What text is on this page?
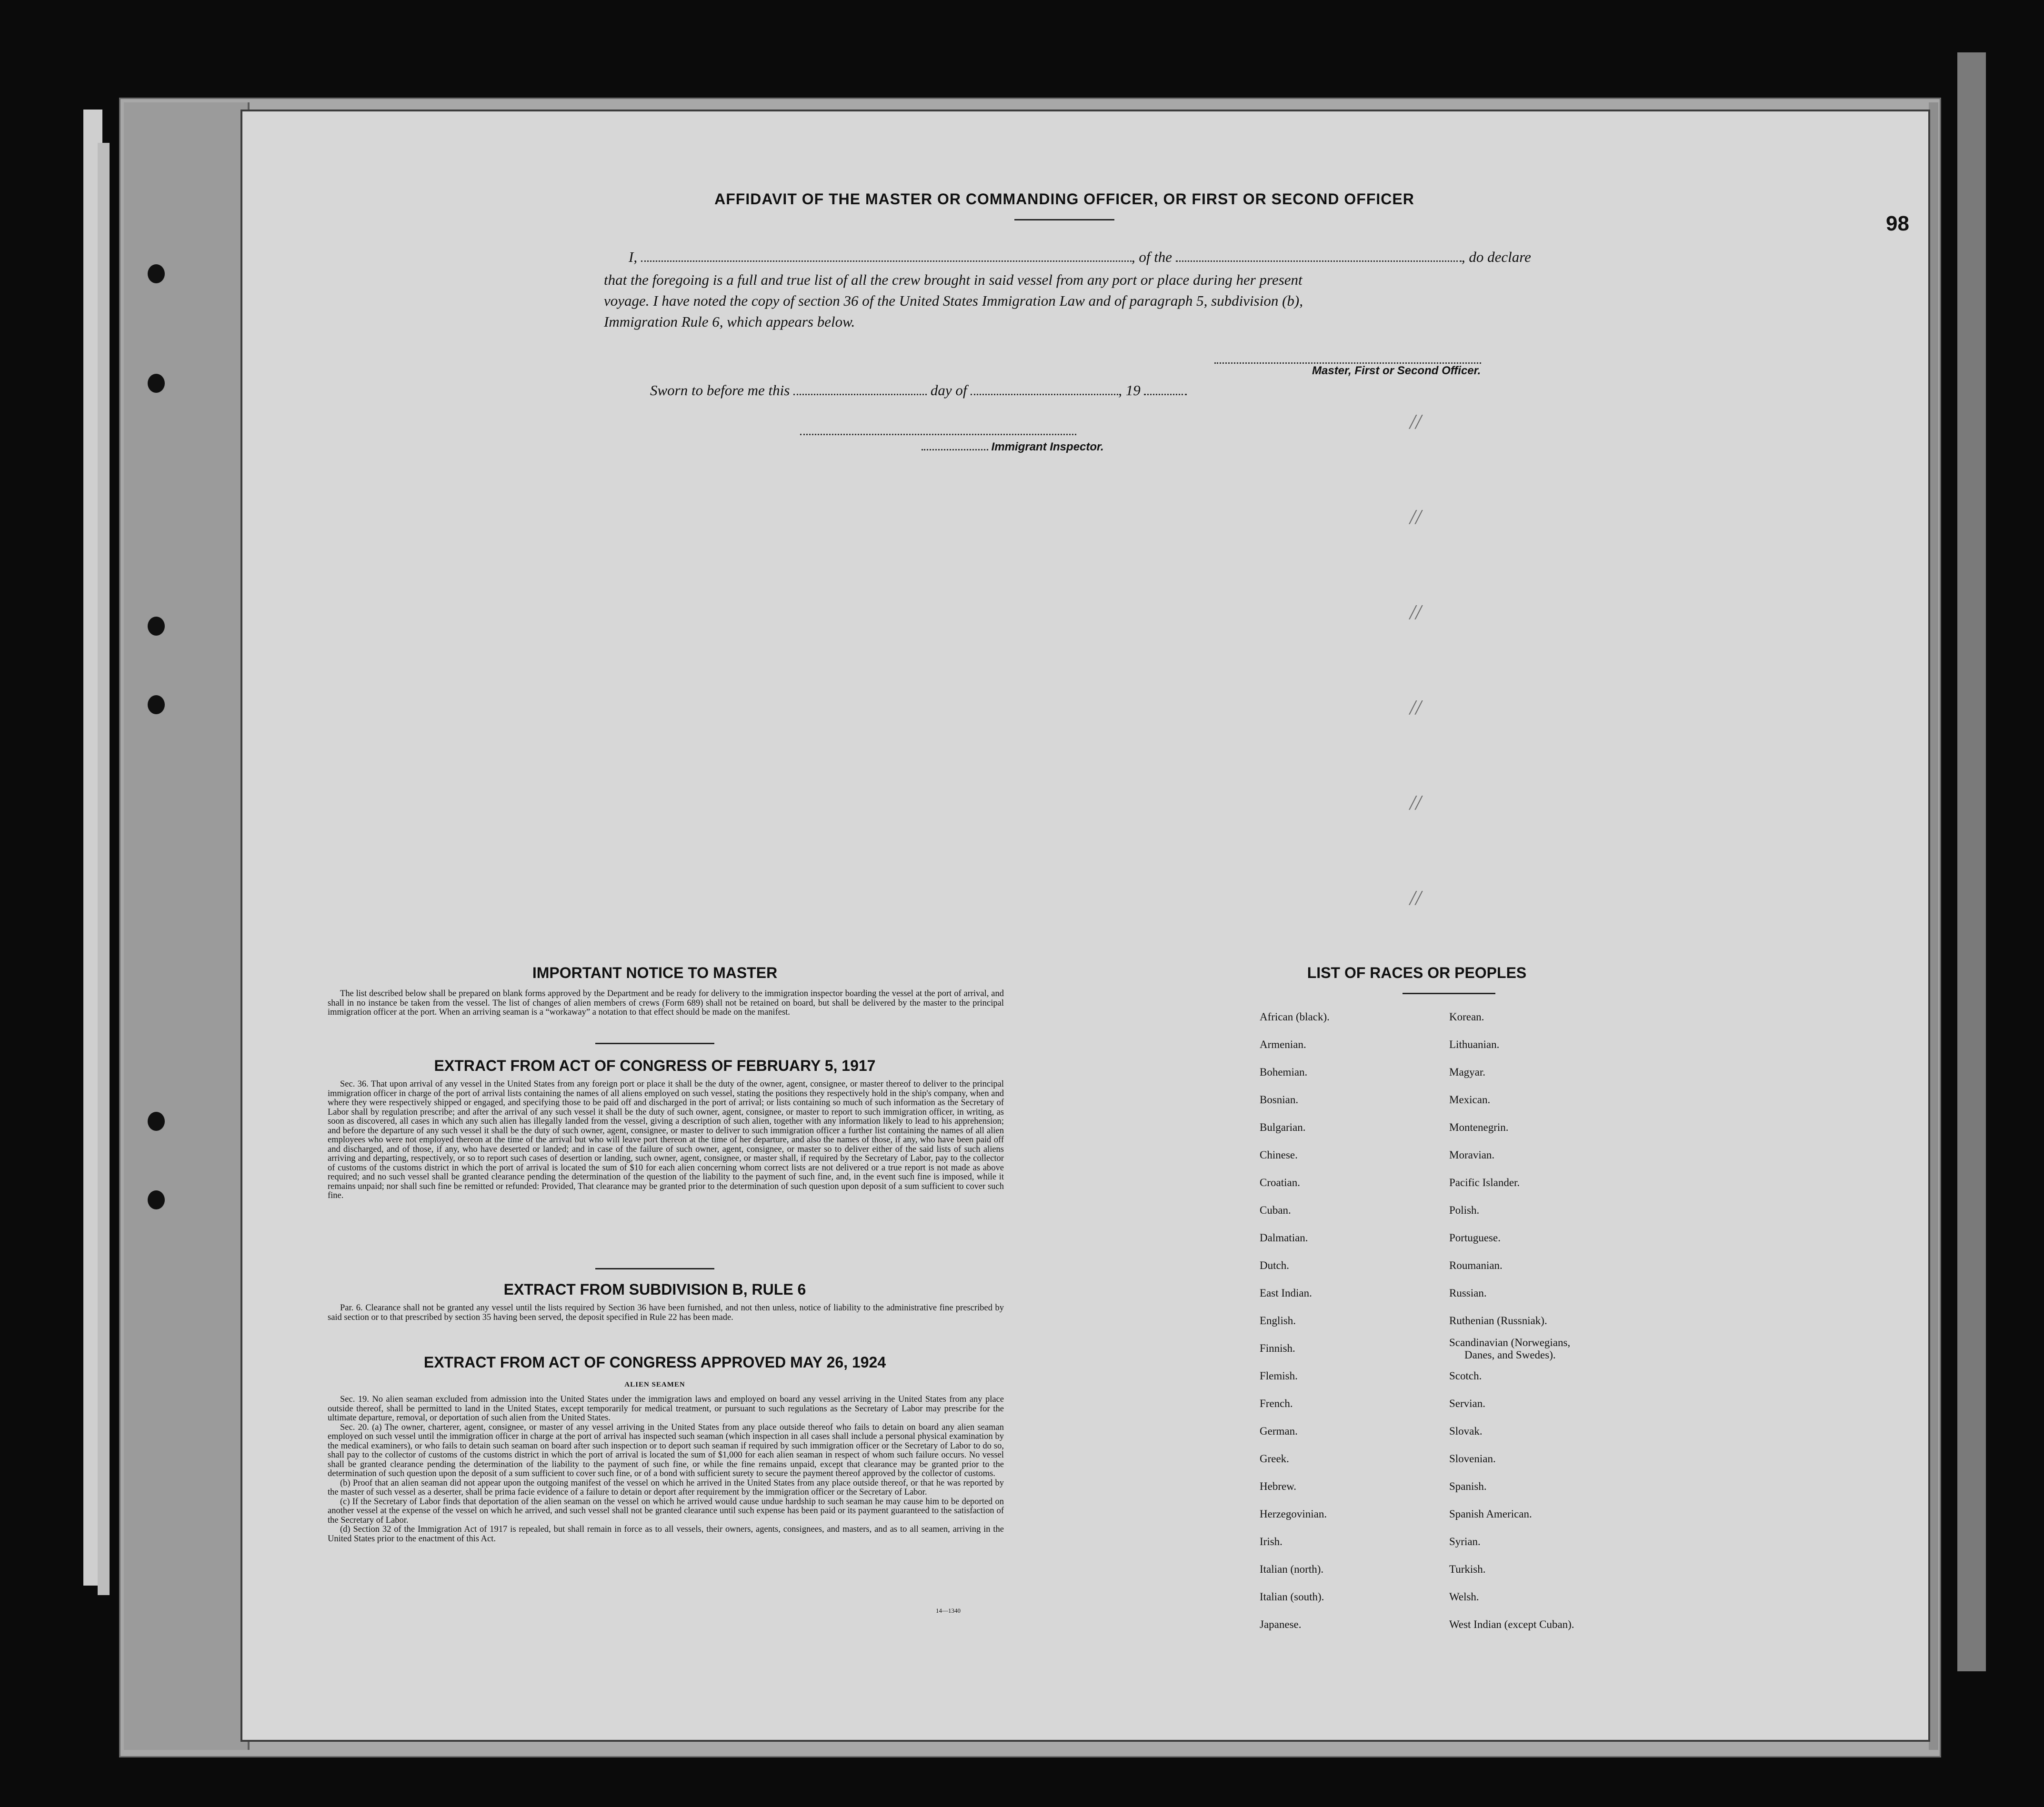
98
AFFIDAVIT OF THE MASTER OR COMMANDING OFFICER, OR FIRST OR SECOND OFFICER
I,	, of the	, do declare
that the foregoing is a full and true list of all the crew brought in said vessel from any port or place during her present
voyage. I have noted the copy of section 36 of the United States Immigration Law and of paragraph 5, subdivision (b),
Immigration Rule 6, which appears below.
Master, First or Second Officer.
Sworn to before me this	day of	, 19
Immigrant Inspector.
//
//
//
//
//
//
IMPORTANT NOTICE TO MASTER

The list described below shall be prepared on blank forms approved by the Department and be ready for delivery to the immigration inspector boarding the vessel at the port of arrival, and shall in no instance be taken from the vessel. The list of changes of alien members of crews (Form 689) shall not be retained on board, but shall be delivered by the master to the principal immigration officer at the port. When an arriving seaman is a “workaway” a notation to that effect should be made on the manifest.

EXTRACT FROM ACT OF CONGRESS OF FEBRUARY 5, 1917

Sec. 36. That upon arrival of any vessel in the United States from any foreign port or place it shall be the duty of the owner, agent, consignee, or master thereof to deliver to the principal immigration officer in charge of the port of arrival lists containing the names of all aliens employed on such vessel, stating the positions they respectively hold in the ship's company, when and where they were respectively shipped or engaged, and specifying those to be paid off and discharged in the port of arrival; or lists containing so much of such information as the Secretary of Labor shall by regulation prescribe; and after the arrival of any such vessel it shall be the duty of such owner, agent, consignee, or master to report to such immigration officer, in writing, as soon as discovered, all cases in which any such alien has illegally landed from the vessel, giving a description of such alien, together with any information likely to lead to his apprehension; and before the departure of any such vessel it shall be the duty of such owner, agent, consignee, or master to deliver to such immigration officer a further list containing the names of all alien employees who were not employed thereon at the time of the arrival but who will leave port thereon at the time of her departure, and also the names of those, if any, who have been paid off and discharged, and of those, if any, who have deserted or landed; and in case of the failure of such owner, agent, consignee, or master so to deliver either of the said lists of such aliens arriving and departing, respectively, or so to report such cases of desertion or landing, such owner, agent, consignee, or master shall, if required by the Secretary of Labor, pay to the collector of customs of the customs district in which the port of arrival is located the sum of $10 for each alien concerning whom correct lists are not delivered or a true report is not made as above required; and no such vessel shall be granted clearance pending the determination of the question of the liability to the payment of such fine, and, in the event such fine is imposed, while it remains unpaid; nor shall such fine be remitted or refunded: Provided, That clearance may be granted prior to the determination of such question upon deposit of a sum sufficient to cover such fine.

EXTRACT FROM SUBDIVISION B, RULE 6

Par. 6. Clearance shall not be granted any vessel until the lists required by Section 36 have been furnished, and not then unless, notice of liability to the administrative fine prescribed by said section or to that prescribed by section 35 having been served, the deposit specified in Rule 22 has been made.

EXTRACT FROM ACT OF CONGRESS APPROVED MAY 26, 1924
ALIEN SEAMEN

Sec. 19. No alien seaman excluded from admission into the United States under the immigration laws and employed on board any vessel arriving in the United States from any place outside thereof, shall be permitted to land in the United States, except temporarily for medical treatment, or pursuant to such regulations as the Secretary of Labor may prescribe for the ultimate departure, removal, or deportation of such alien from the United States.

Sec. 20. (a) The owner, charterer, agent, consignee, or master of any vessel arriving in the United States from any place outside thereof who fails to detain on board any alien seaman employed on such vessel until the immigration officer in charge at the port of arrival has inspected such seaman (which inspection in all cases shall include a personal physical examination by the medical examiners), or who fails to detain such seaman on board after such inspection or to deport such seaman if required by such immigration officer or the Secretary of Labor to do so, shall pay to the collector of customs of the customs district in which the port of arrival is located the sum of $1,000 for each alien seaman in respect of whom such failure occurs. No vessel shall be granted clearance pending the determination of the liability to the payment of such fine, or while the fine remains unpaid, except that clearance may be granted prior to the determination of such question upon the deposit of a sum sufficient to cover such fine, or of a bond with sufficient surety to secure the payment thereof approved by the collector of customs.

(b) Proof that an alien seaman did not appear upon the outgoing manifest of the vessel on which he arrived in the United States from any place outside thereof, or that he was reported by the master of such vessel as a deserter, shall be prima facie evidence of a failure to detain or deport after requirement by the immigration officer or the Secretary of Labor.

(c) If the Secretary of Labor finds that deportation of the alien seaman on the vessel on which he arrived would cause undue hardship to such seaman he may cause him to be deported on another vessel at the expense of the vessel on which he arrived, and such vessel shall not be granted clearance until such expense has been paid or its payment guaranteed to the satisfaction of the Secretary of Labor.

(d) Section 32 of the Immigration Act of 1917 is repealed, but shall remain in force as to all vessels, their owners, agents, consignees, and masters, and as to all seamen, arriving in the United States prior to the enactment of this Act.

14—1340
LIST OF RACES OR PEOPLES
African (black).
Armenian.
Bohemian.
Bosnian.
Bulgarian.
Chinese.
Croatian.
Cuban.
Dalmatian.
Dutch.
East Indian.
English.
Finnish.
Flemish.
French.
German.
Greek.
Hebrew.
Herzegovinian.
Irish.
Italian (north).
Italian (south).
Japanese.
Korean.
Lithuanian.
Magyar.
Mexican.
Montenegrin.
Moravian.
Pacific Islander.
Polish.
Portuguese.
Roumanian.
Russian.
Ruthenian (Russniak).
Scandinavian (Norwegians,
Danes, and Swedes).
Scotch.
Servian.
Slovak.
Slovenian.
Spanish.
Spanish American.
Syrian.
Turkish.
Welsh.
West Indian (except Cuban).
